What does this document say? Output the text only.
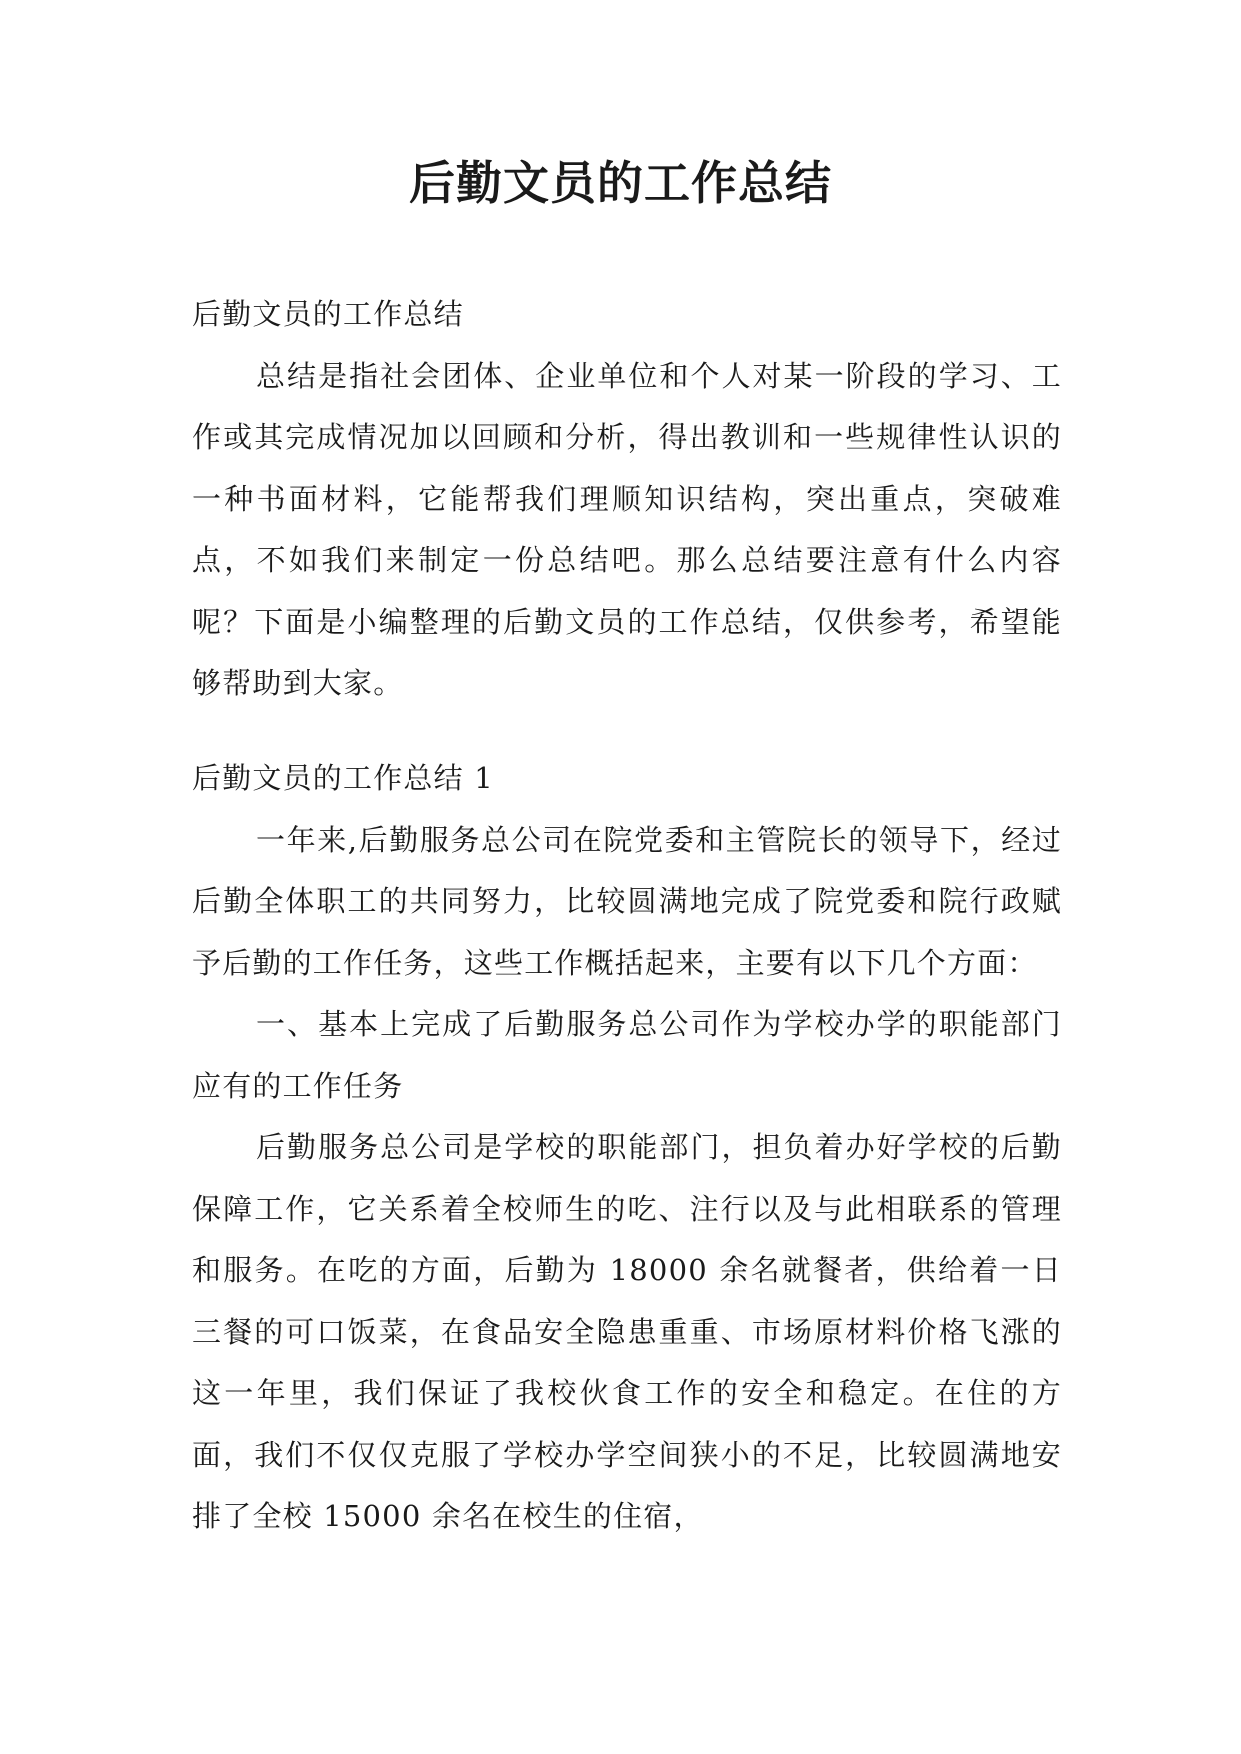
后勤文员的工作总结

后勤文员的工作总结

总结是指社会团体、企业单位和个人对某一阶段的学习、工作或其完成情况加以回顾和分析，得出教训和一些规律性认识的一种书面材料，它能帮我们理顺知识结构，突出重点，突破难点，不如我们来制定一份总结吧。那么总结要注意有什么内容呢？下面是小编整理的后勤文员的工作总结，仅供参考，希望能够帮助到大家。

后勤文员的工作总结 1

一年来,后勤服务总公司在院党委和主管院长的领导下，经过后勤全体职工的共同努力，比较圆满地完成了院党委和院行政赋予后勤的工作任务，这些工作概括起来，主要有以下几个方面：

一、基本上完成了后勤服务总公司作为学校办学的职能部门应有的工作任务

后勤服务总公司是学校的职能部门，担负着办好学校的后勤保障工作，它关系着全校师生的吃、注行以及与此相联系的管理和服务。在吃的方面，后勤为 18000 余名就餐者，供给着一日三餐的可口饭菜，在食品安全隐患重重、市场原材料价格飞涨的这一年里，我们保证了我校伙食工作的安全和稳定。在住的方面，我们不仅仅克服了学校办学空间狭小的不足，比较圆满地安排了全校 15000 余名在校生的住宿，
